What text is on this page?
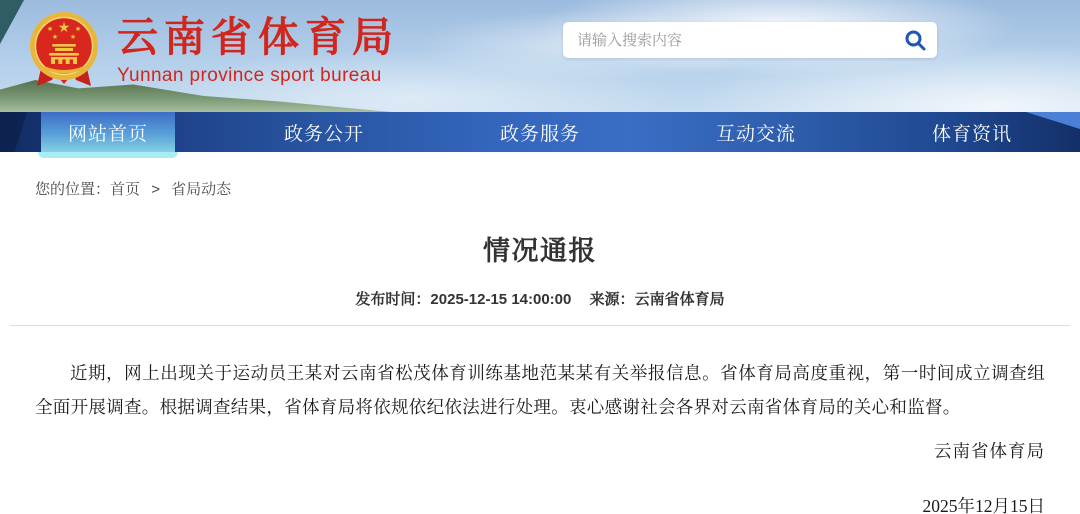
★
★	★
★ ★ 云南省体育局
Yunnan province sport bureau
请输入搜索内容
网站首页	政务公开	政务服务	互动交流	体育资讯
您的位置：首页 > 省局动态
情况通报
发布时间：2025-12-15 14:00:00 来源：云南省体育局

近期，网上出现关于运动员王某对云南省松茂体育训练基地范某某有关举报信息。省体育局高度重视，第一时间成立调查组全面开展调查。根据调查结果，省体育局将依规依纪依法进行处理。衷心感谢社会各界对云南省体育局的关心和监督。

云南省体育局
2025年12月15日
